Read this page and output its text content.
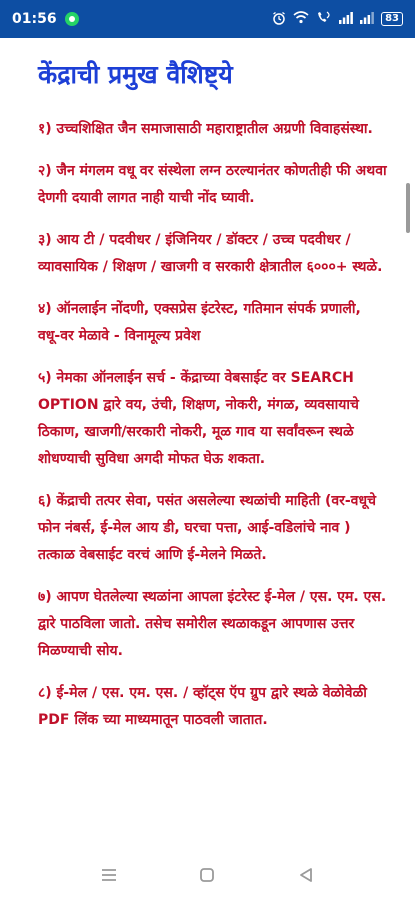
01:56	83
केंद्राची प्रमुख वैशिष्ट्ये

१) उच्चशिक्षित जैन समाजासाठी महाराष्ट्रातील अग्रणी विवाहसंस्था.

२) जैन मंगलम वधू वर संस्थेला लग्न ठरल्यानंतर कोणतीही फी अथवा देणगी दयावी लागत नाही याची नोंद घ्यावी.

३) आय टी / पदवीधर / इंजिनियर / डॉक्टर / उच्च पदवीधर / व्यावसायिक / शिक्षण / खाजगी व सरकारी क्षेत्रातील ६०००+ स्थळे.

४) ऑनलाईन नोंदणी, एक्सप्रेस इंटरेस्ट, गतिमान संपर्क प्रणाली, वधू-वर मेळावे - विनामूल्य प्रवेश

५) नेमका ऑनलाईन सर्च - केंद्राच्या वेबसाईट वर SEARCH OPTION द्वारे वय, उंची, शिक्षण, नोकरी, मंगळ, व्यवसायाचे ठिकाण, खाजगी/सरकारी नोकरी, मूळ गाव या सर्वांवरून स्थळे शोधण्याची सुविधा अगदी मोफत घेऊ शकता.

६) केंद्राची तत्पर सेवा, पसंत असलेल्या स्थळांची माहिती (वर-वधूचे फोन नंबर्स, ई-मेल आय डी, घरचा पत्ता, आई-वडिलांचे नाव ) तत्काळ वेबसाईट वरचं आणि ई-मेलने मिळते.

७) आपण घेतलेल्या स्थळांना आपला इंटरेस्ट ई-मेल / एस. एम. एस. द्वारे पाठविला जातो. तसेच समोरील स्थळाकडून आपणास उत्तर मिळण्याची सोय.

८) ई-मेल / एस. एम. एस. / व्हॉट्स ऍप ग्रुप द्वारे स्थळे वेळोवेळी PDF लिंक च्या माध्यमातून पाठवली जातात.
